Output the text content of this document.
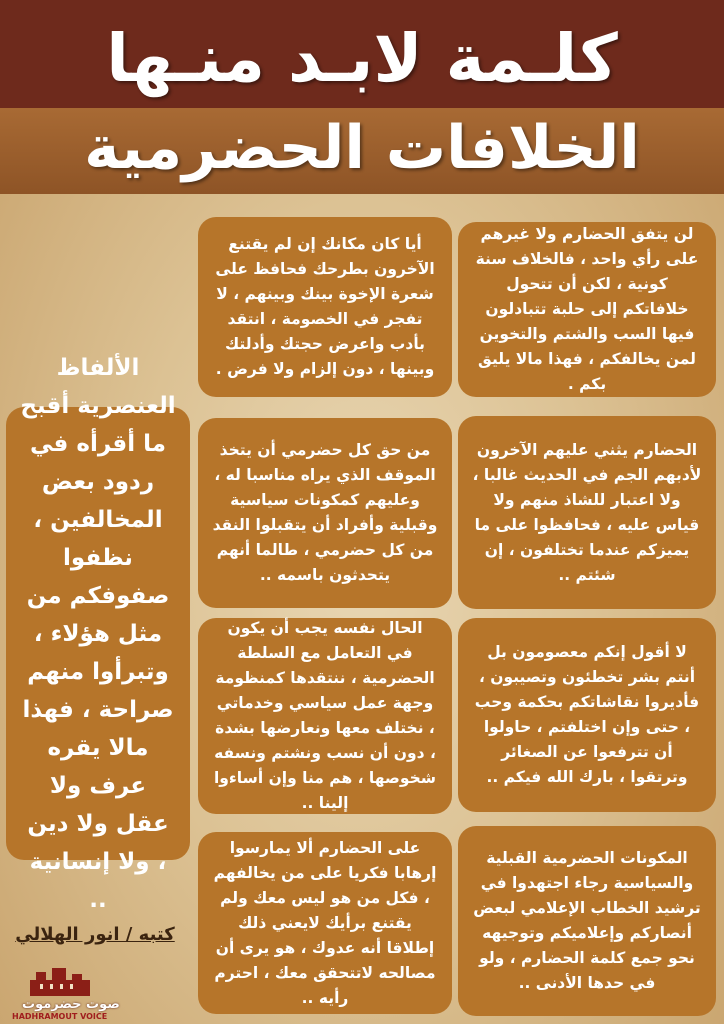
كلـمة لابـد منـها
الخلافات الحضرمية
أيا كان مكانك إن لم يقتنع الآخرون بطرحك فحافظ على شعرة الإخوة بينك وبينهم ، لا تفجر في الخصومة ، انتقد بأدب واعرض حجتك وأدلتك وبينها ، دون إلزام ولا فرض .
لن يتفق الحضارم ولا غيرهم على رأي واحد ، فالخلاف سنة كونية ، لكن أن تتحول خلافاتكم إلى حلبة تتبادلون فيها السب والشتم والتخوين لمن يخالفكم ، فهذا مالا يليق بكم .
الألفاظ العنصرية أقبح ما أقرأه في ردود بعض المخالفين ، نظفوا صفوفكم من مثل هؤلاء ، وتبرأوا منهم صراحة ، فهذا مالا يقره عرف ولا عقل ولا دين ، ولا إنسانية ..
من حق كل حضرمي أن يتخذ الموقف الذي يراه مناسبا له ، وعليهم كمكونات سياسية وقبلية وأفراد أن يتقبلوا النقد من كل حضرمي ، طالما أنهم يتحدثون باسمه ..
الحضارم يثني عليهم الآخرون لأدبهم الجم في الحديث غالبا ، ولا اعتبار للشاذ منهم ولا قياس عليه ، فحافظوا على ما يميزكم عندما تختلفون ، إن شئتم ..
الحال نفسه يجب أن يكون في التعامل مع السلطة الحضرمية ، ننتقدها كمنظومة وجهة عمل سياسي وخدماتي ، نختلف معها ونعارضها بشدة ، دون أن نسب ونشتم ونسفه شخوصها ، هم منا وإن أساءوا إلينا ..
لا أقول إنكم معصومون بل أنتم بشر تخطئون وتصيبون ، فأديروا نقاشاتكم بحكمة وحب ، حتى وإن اختلفتم ، حاولوا أن تترفعوا عن الصغائر وترتقوا ، بارك الله فيكم ..
على الحضارم ألا يمارسوا إرهابا فكريا على من يخالفهم ، فكل من هو ليس معك ولم يقتنع برأيك لايعني ذلك إطلاقا أنه عدوك ، هو يرى أن مصالحه لاتتحقق معك ، احترم رأيه ..
المكونات الحضرمية القبلية والسياسية رجاء اجتهدوا في ترشيد الخطاب الإعلامي لبعض أنصاركم وإعلاميكم وتوجيهه نحو جمع كلمة الحضارم ، ولو في حدها الأدنى ..
كتبه / انور الهلالي
صوت حضرموت
HADHRAMOUT VOICE
